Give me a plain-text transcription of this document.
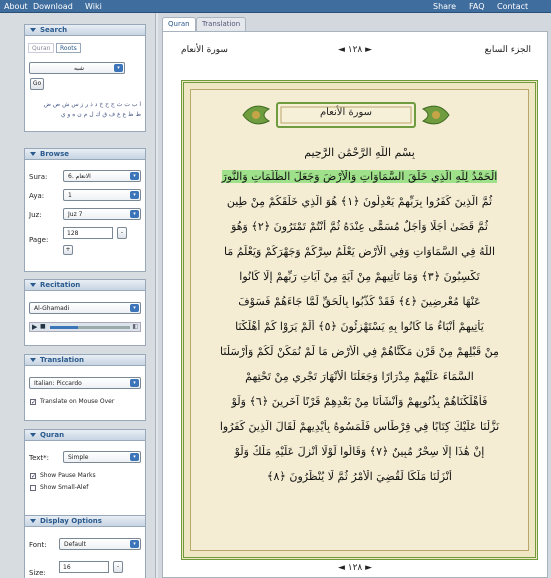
About Download Wiki	Share FAQ Contact
Search
Quran	Roots
شبه	▾
Go
ا ب ت ث ج ح خ د ذ ر ز س ش ص ض
ط ظ ع غ ف ق ك ل م ن ه و ي
Browse
Sura:	6. الانعام	▾
Aya:	1	▾
Juz:	Juz 7	▾
Page:
128	-
+
Recitation
Al-Ghamadi	▾
▶ ■	◧
Translation
Italian: Piccardo	▾
✓ Translate on Mouse Over
Quran
Text*:	Simple	▾
✓ Show Pause Marks
Show Small-Alef
Display Options
Font:	Default	▾
Size:
16	-
Quran	Translation
سورة الأنعام	◄ ١٢٨ ►	الجزء السابع
سورة الأنعام
بِسْمِ اللَّهِ الرَّحْمَٰنِ الرَّحِيمِ
الْحَمْدُ لِلَّهِ الَّذِي خَلَقَ السَّمَاوَاتِ وَالْأَرْضَ وَجَعَلَ الظُّلُمَاتِ وَالنُّورَ
ثُمَّ الَّذِينَ كَفَرُوا بِرَبِّهِمْ يَعْدِلُونَ ﴿١﴾ هُوَ الَّذِي خَلَقَكُمْ مِنْ طِينٍ
ثُمَّ قَضَىٰ أَجَلًا وَأَجَلٌ مُسَمًّى عِنْدَهُ ثُمَّ أَنْتُمْ تَمْتَرُونَ ﴿٢﴾ وَهُوَ
اللَّهُ فِي السَّمَاوَاتِ وَفِي الْأَرْضِ يَعْلَمُ سِرَّكُمْ وَجَهْرَكُمْ وَيَعْلَمُ مَا
تَكْسِبُونَ ﴿٣﴾ وَمَا تَأْتِيهِمْ مِنْ آيَةٍ مِنْ آيَاتِ رَبِّهِمْ إِلَّا كَانُوا
عَنْهَا مُعْرِضِينَ ﴿٤﴾ فَقَدْ كَذَّبُوا بِالْحَقِّ لَمَّا جَاءَهُمْ فَسَوْفَ
يَأْتِيهِمْ أَنْبَاءُ مَا كَانُوا بِهِ يَسْتَهْزِئُونَ ﴿٥﴾ أَلَمْ يَرَوْا كَمْ أَهْلَكْنَا
مِنْ قَبْلِهِمْ مِنْ قَرْنٍ مَكَّنَّاهُمْ فِي الْأَرْضِ مَا لَمْ نُمَكِّنْ لَكُمْ وَأَرْسَلْنَا
السَّمَاءَ عَلَيْهِمْ مِدْرَارًا وَجَعَلْنَا الْأَنْهَارَ تَجْرِي مِنْ تَحْتِهِمْ
فَأَهْلَكْنَاهُمْ بِذُنُوبِهِمْ وَأَنْشَأْنَا مِنْ بَعْدِهِمْ قَرْنًا آخَرِينَ ﴿٦﴾ وَلَوْ
نَزَّلْنَا عَلَيْكَ كِتَابًا فِي قِرْطَاسٍ فَلَمَسُوهُ بِأَيْدِيهِمْ لَقَالَ الَّذِينَ كَفَرُوا
إِنْ هَٰذَا إِلَّا سِحْرٌ مُبِينٌ ﴿٧﴾ وَقَالُوا لَوْلَا أُنْزِلَ عَلَيْهِ مَلَكٌ وَلَوْ
أَنْزَلْنَا مَلَكًا لَقُضِيَ الْأَمْرُ ثُمَّ لَا يُنْظَرُونَ ﴿٨﴾
◄ ١٢٨ ►
